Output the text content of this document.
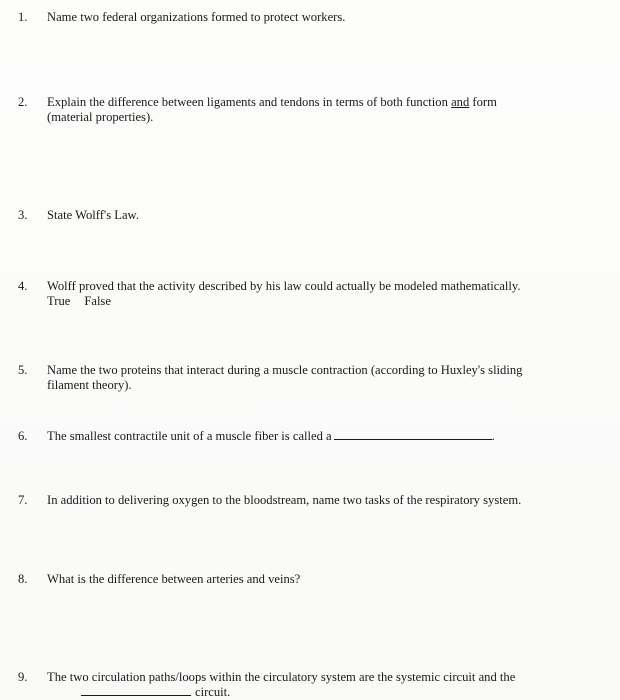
1.	Name two federal organizations formed to protect workers.
2.	Explain the difference between ligaments and tendons in terms of both function and form
(material properties).
3.	State Wolff's Law.
4.	Wolff proved that the activity described by his law could actually be modeled mathematically.
True False
5.	Name the two proteins that interact during a muscle contraction (according to Huxley's sliding
filament theory).
6.	The smallest contractile unit of a muscle fiber is called a	.
7.	In addition to delivering oxygen to the bloodstream, name two tasks of the respiratory system.
8.	What is the difference between arteries and veins?
9.	The two circulation paths/loops within the circulatory system are the systemic circuit and the
circuit.
